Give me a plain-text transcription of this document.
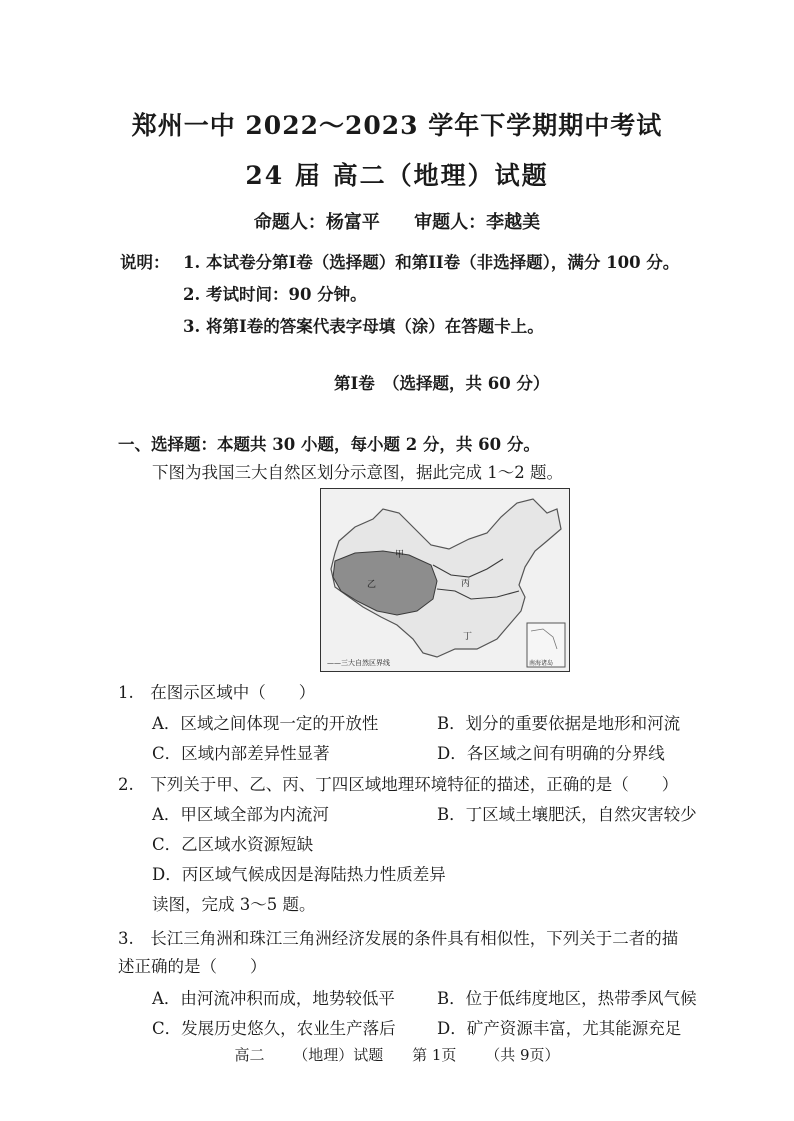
郑州一中 2022～2023 学年下学期期中考试
24 届 高二（地理）试题
命题人：杨富平 审题人：李越美
说明： 1. 本试卷分第I卷（选择题）和第II卷（非选择题），满分 100 分。
2. 考试时间：90 分钟。
3. 将第I卷的答案代表字母填（涂）在答题卡上。
第I卷　（选择题，共 60 分）
一、选择题：本题共 30 小题，每小题 2 分，共 60 分。
下图为我国三大自然区划分示意图，据此完成 1～2 题。
甲
乙	丙
丁
——三大自然区界线	南海诸岛
1.　在图示区域中（　　）
A．区域之间体现一定的开放性	B．划分的重要依据是地形和河流
C．区域内部差异性显著	D．各区域之间有明确的分界线
2.　下列关于甲、乙、丙、丁四区域地理环境特征的描述，正确的是（　　）
A．甲区域全部为内流河	B．丁区域土壤肥沃，自然灾害较少
C．乙区域水资源短缺
D．丙区域气候成因是海陆热力性质差异
读图，完成 3～5 题。
3.　长江三角洲和珠江三角洲经济发展的条件具有相似性，下列关于二者的描
述正确的是（　　）
A．由河流冲积而成，地势较低平	B．位于低纬度地区，热带季风气候
C．发展历史悠久，农业生产落后	D．矿产资源丰富，尤其能源充足
高二 （地理）试题 第 1页 （共 9页）
